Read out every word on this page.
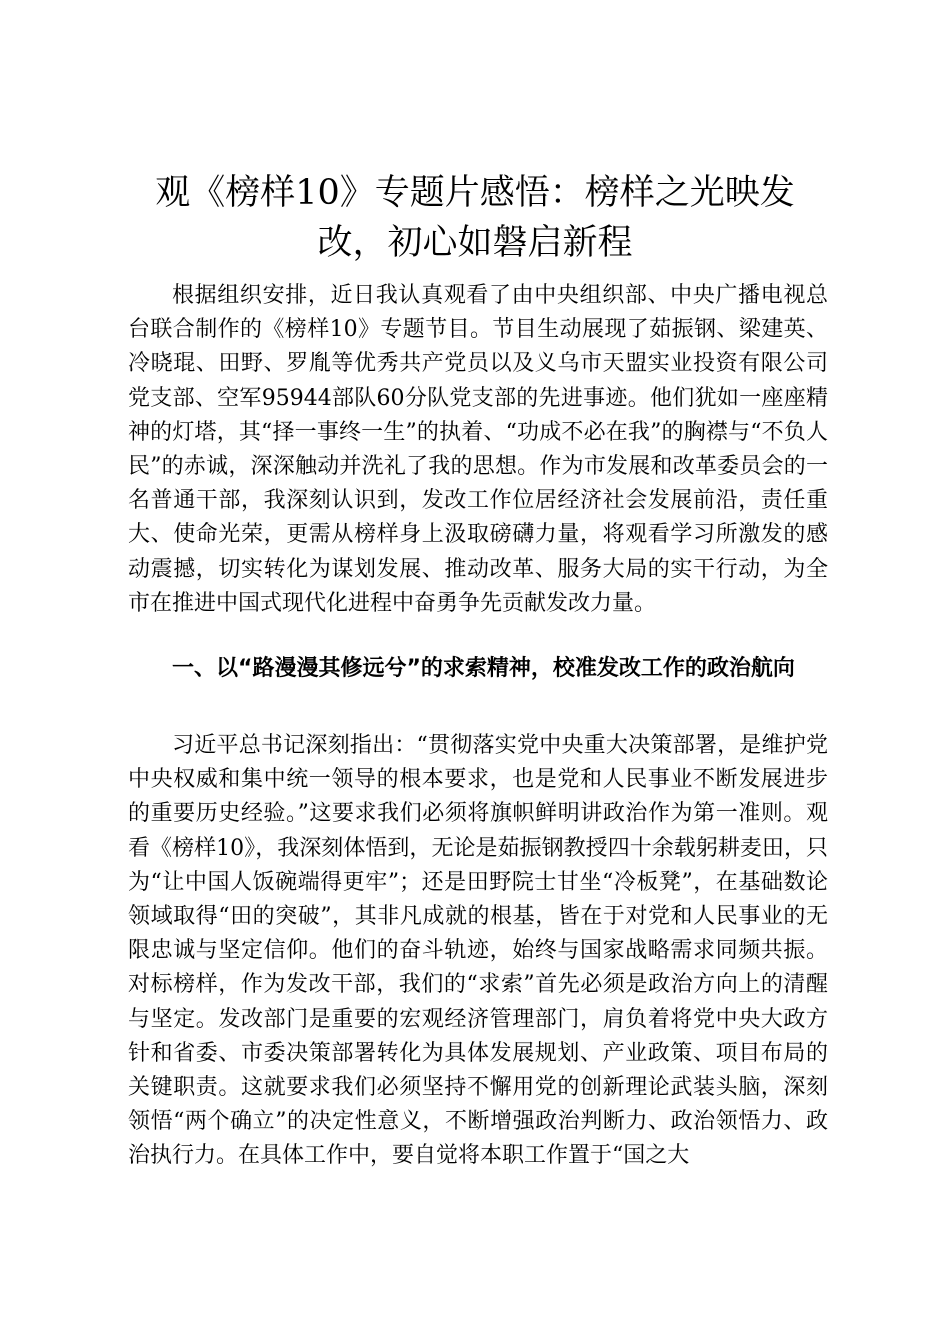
观《榜样10》专题片感悟：榜样之光映发
改，初心如磐启新程

根据组织安排，近日我认真观看了由中央组织部、中央广播电视总台联合制作的《榜样10》专题节目。节目生动展现了茹振钢、梁建英、冷晓琨、田野、罗胤等优秀共产党员以及义乌市天盟实业投资有限公司党支部、空军95944部队60分队党支部的先进事迹。他们犹如一座座精神的灯塔，其“择一事终一生”的执着、“功成不必在我”的胸襟与“不负人民”的赤诚，深深触动并洗礼了我的思想。作为市发展和改革委员会的一名普通干部，我深刻认识到，发改工作位居经济社会发展前沿，责任重大、使命光荣，更需从榜样身上汲取磅礴力量，将观看学习所激发的感动震撼，切实转化为谋划发展、推动改革、服务大局的实干行动，为全市在推进中国式现代化进程中奋勇争先贡献发改力量。

一、以“路漫漫其修远兮”的求索精神，校准发改工作的政治航向

习近平总书记深刻指出：“贯彻落实党中央重大决策部署，是维护党中央权威和集中统一领导的根本要求，也是党和人民事业不断发展进步的重要历史经验。”这要求我们必须将旗帜鲜明讲政治作为第一准则。观看《榜样10》，我深刻体悟到，无论是茹振钢教授四十余载躬耕麦田，只为“让中国人饭碗端得更牢”；还是田野院士甘坐“冷板凳”，在基础数论领域取得“田的突破”，其非凡成就的根基，皆在于对党和人民事业的无限忠诚与坚定信仰。他们的奋斗轨迹，始终与国家战略需求同频共振。对标榜样，作为发改干部，我们的“求索”首先必须是政治方向上的清醒与坚定。发改部门是重要的宏观经济管理部门，肩负着将党中央大政方针和省委、市委决策部署转化为具体发展规划、产业政策、项目布局的关键职责。这就要求我们必须坚持不懈用党的创新理论武装头脑，深刻领悟“两个确立”的决定性意义，不断增强政治判断力、政治领悟力、政治执行力。在具体工作中，要自觉将本职工作置于“国之大
